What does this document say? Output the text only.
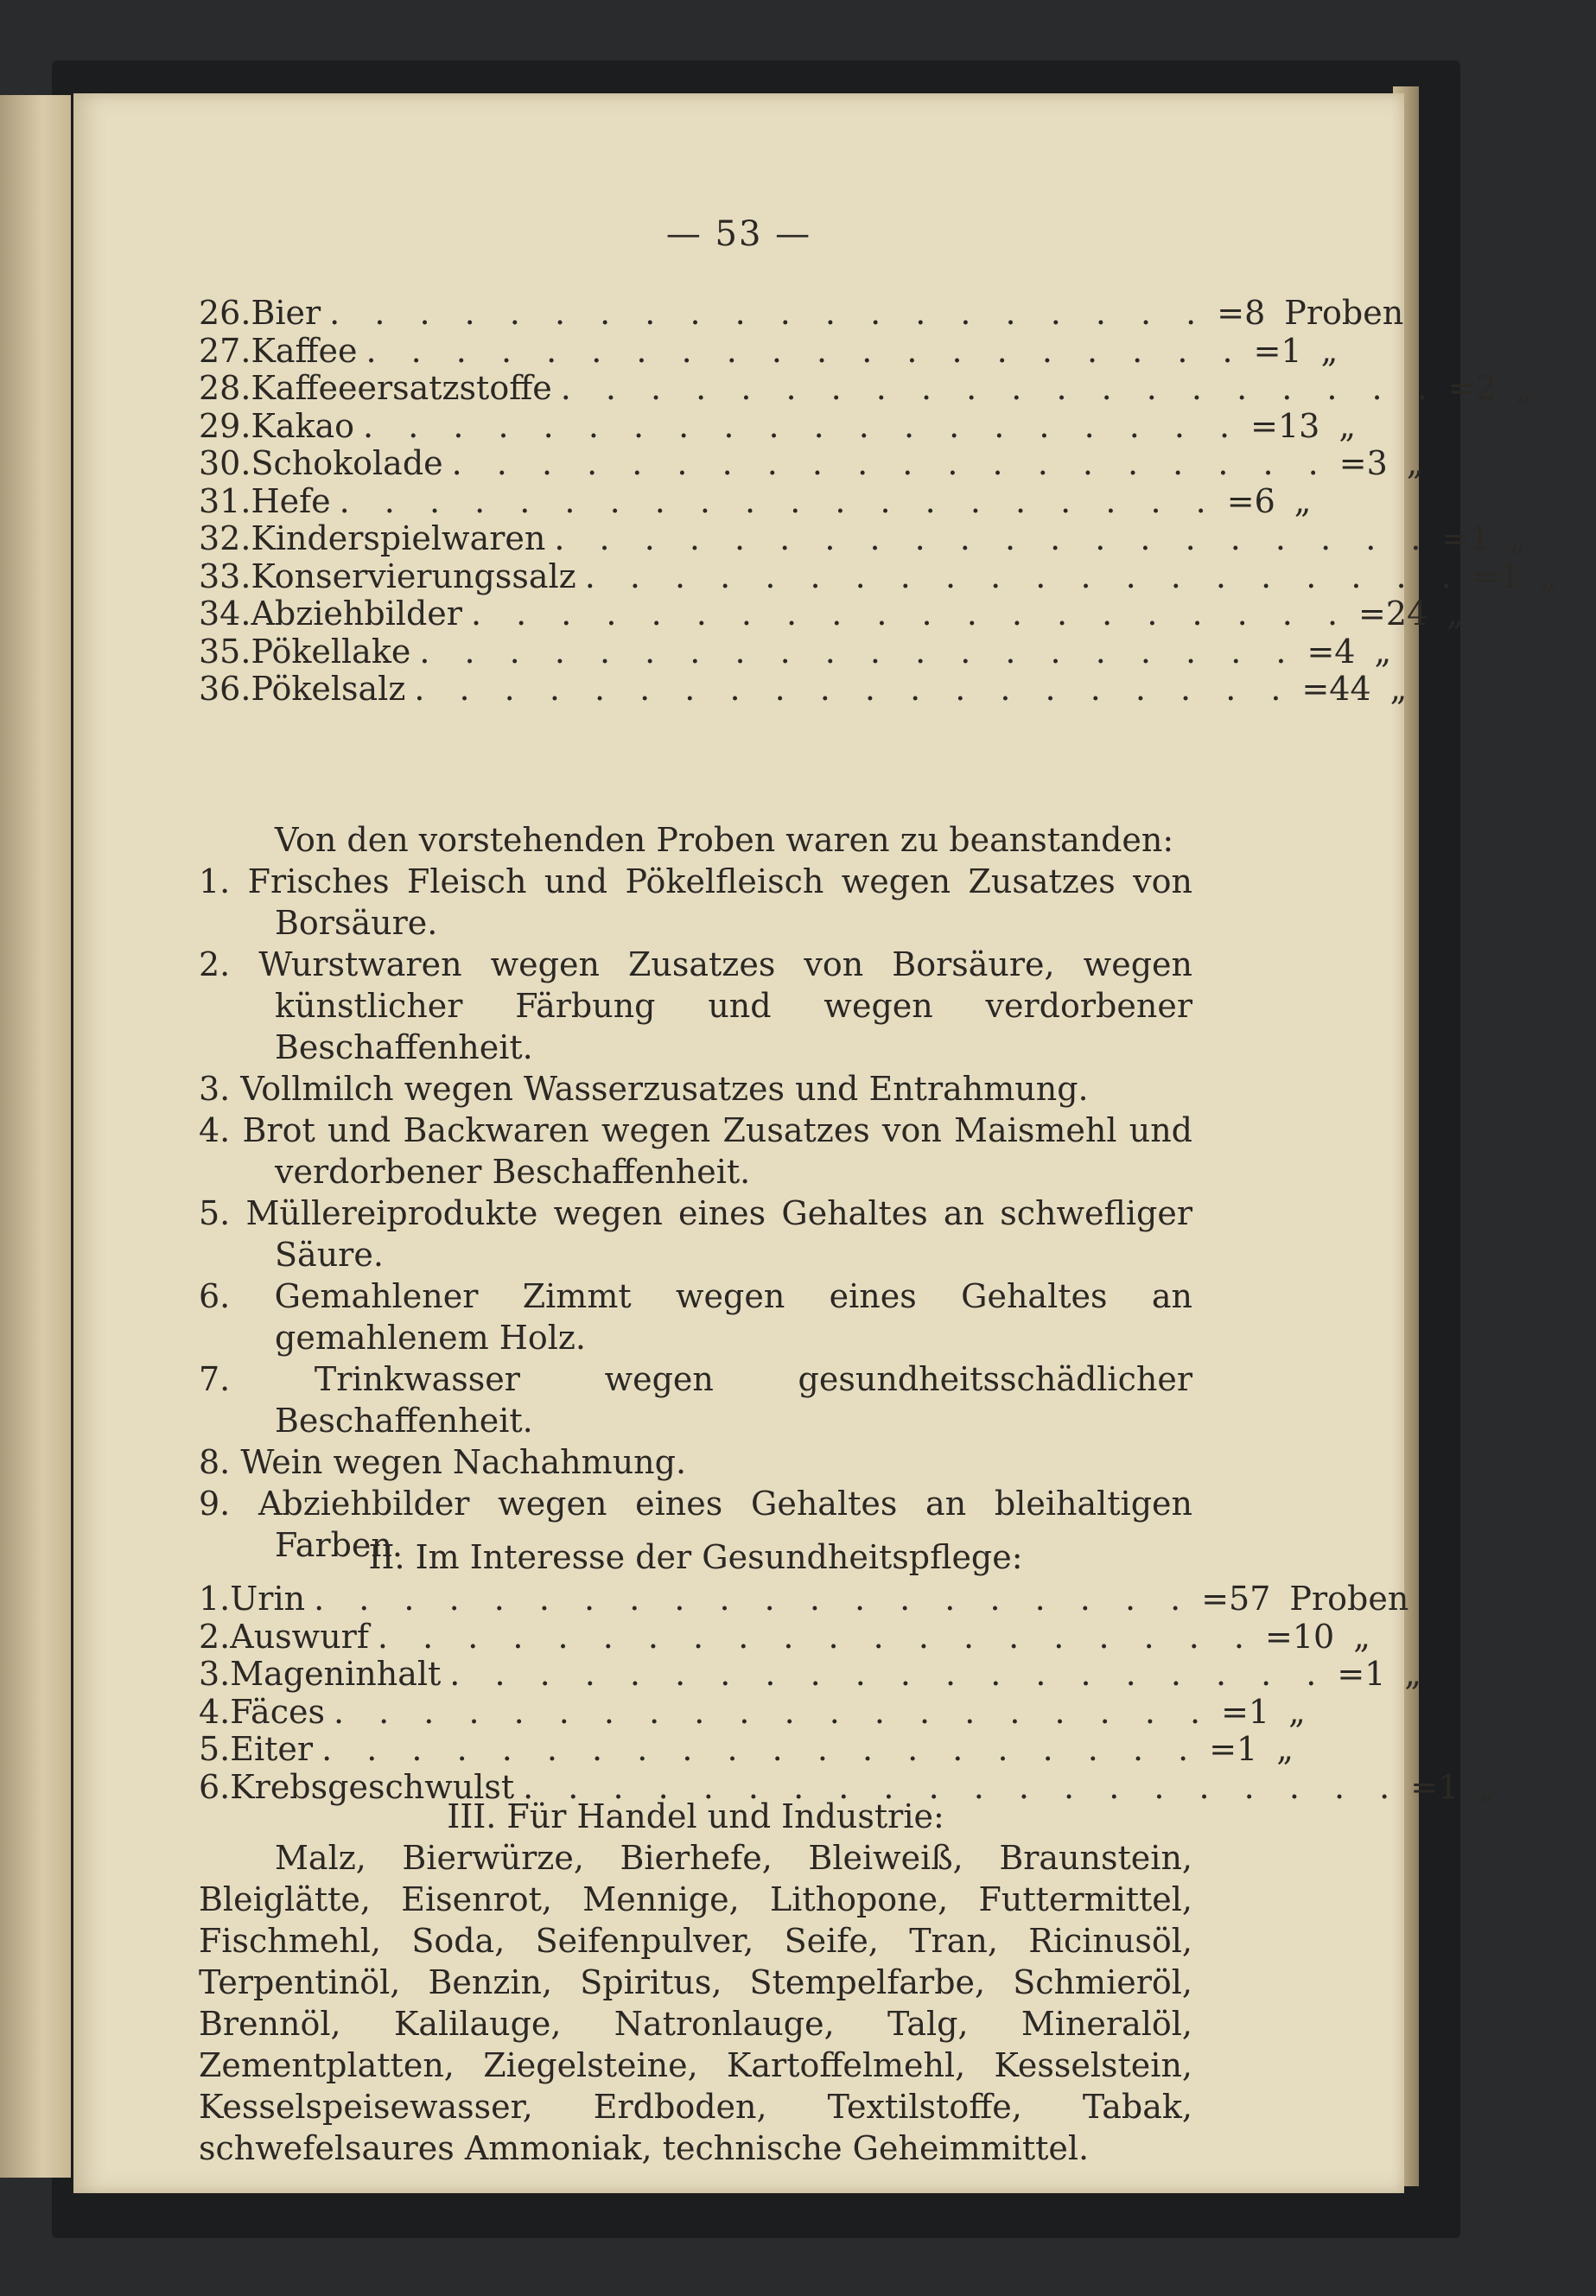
— 53 —
26. Bier . . . . . . . . . . . . . . . . . . . . = 8 Proben
27. Kaffee . . . . . . . . . . . . . . . . . . . . = 1 „
28. Kaffeeersatzstoffe . . . . . . . . . . . . . . . . . . . . = 2 „
29. Kakao . . . . . . . . . . . . . . . . . . . . = 13 „
30. Schokolade . . . . . . . . . . . . . . . . . . . . = 3 „
31. Hefe . . . . . . . . . . . . . . . . . . . . = 6 „
32. Kinderspielwaren . . . . . . . . . . . . . . . . . . . . = 1 „
33. Konservierungssalz . . . . . . . . . . . . . . . . . . . . = 1 „
34. Abziehbilder . . . . . . . . . . . . . . . . . . . . = 24 „
35. Pökellake . . . . . . . . . . . . . . . . . . . . = 4 „
36. Pökelsalz . . . . . . . . . . . . . . . . . . . . = 44 „

Von den vorstehenden Proben waren zu beanstanden:

1. Frisches Fleisch und Pökelfleisch wegen Zusatzes von Borsäure.

2. Wurstwaren wegen Zusatzes von Borsäure, wegen künstlicher Färbung und wegen verdorbener Beschaffenheit.

3. Vollmilch wegen Wasserzusatzes und Entrahmung.

4. Brot und Backwaren wegen Zusatzes von Maismehl und verdorbener Beschaffenheit.

5. Müllereiprodukte wegen eines Gehaltes an schwefliger Säure.

6. Gemahlener Zimmt wegen eines Gehaltes an gemahlenem Holz.

7. Trinkwasser wegen gesundheitsschädlicher Beschaffenheit.

8. Wein wegen Nachahmung.

9. Abziehbilder wegen eines Gehaltes an bleihaltigen Farben.

II. Im Interesse der Gesundheitspflege:

1. Urin . . . . . . . . . . . . . . . . . . . . = 57 Proben
2. Auswurf . . . . . . . . . . . . . . . . . . . . = 10 „
3. Mageninhalt . . . . . . . . . . . . . . . . . . . . = 1 „
4. Fäces . . . . . . . . . . . . . . . . . . . . = 1 „
5. Eiter . . . . . . . . . . . . . . . . . . . . = 1 „
6. Krebsgeschwulst . . . . . . . . . . . . . . . . . . . . = 1 „

III. Für Handel und Industrie:

Malz, Bierwürze, Bierhefe, Bleiweiß, Braunstein, Bleiglätte, Eisenrot, Mennige, Lithopone, Futtermittel, Fischmehl, Soda, Seifenpulver, Seife, Tran, Ricinusöl, Terpentinöl, Benzin, Spiritus, Stempelfarbe, Schmieröl, Brennöl, Kalilauge, Natronlauge, Talg, Mineralöl, Zementplatten, Ziegelsteine, Kartoffelmehl, Kesselstein, Kesselspeisewasser, Erdboden, Textilstoffe, Tabak, schwefelsaures Ammoniak, technische Geheimmittel.
